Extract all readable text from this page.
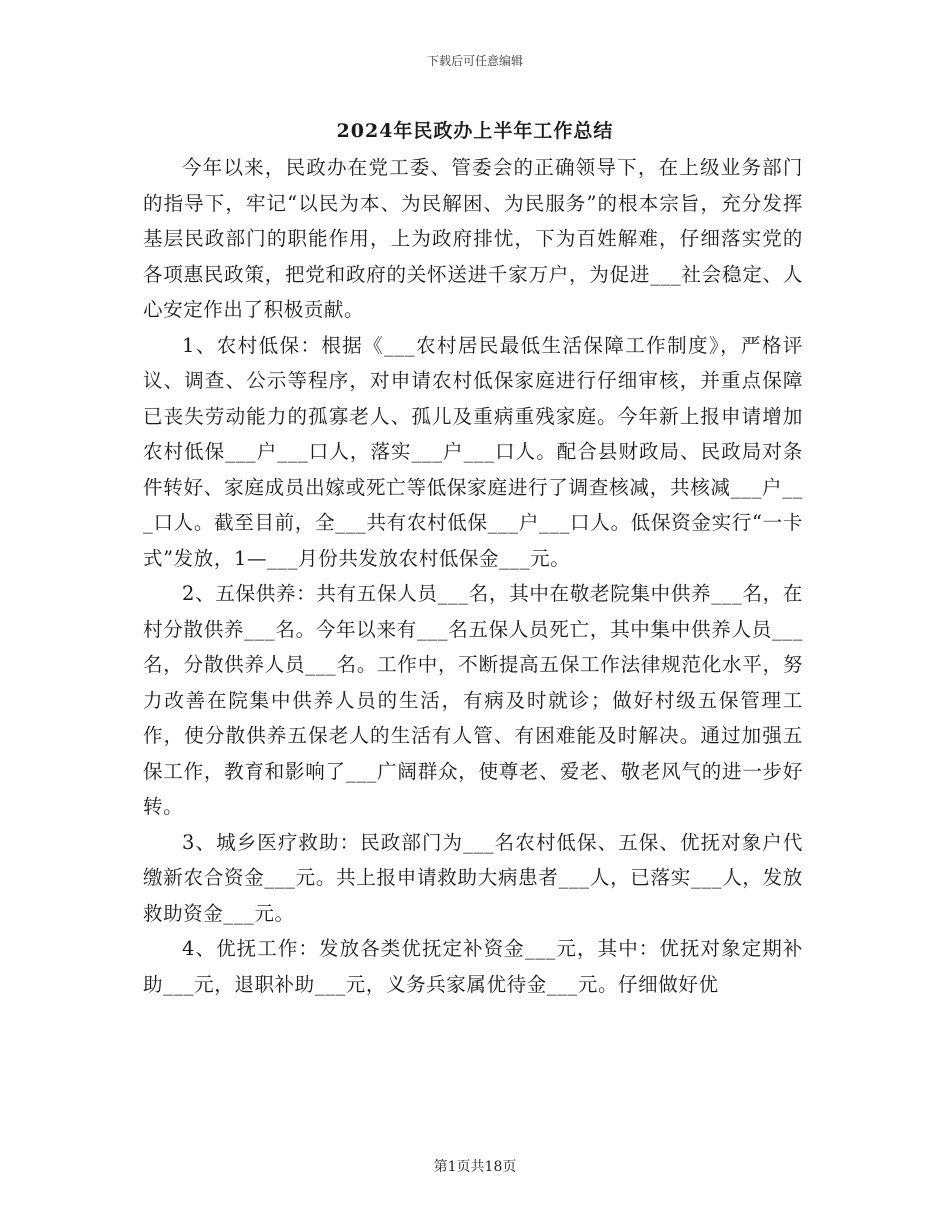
下载后可任意编辑
2024年民政办上半年工作总结

今年以来，民政办在党工委、管委会的正确领导下，在上级业务部门的指导下，牢记“以民为本、为民解困、为民服务”的根本宗旨，充分发挥基层民政部门的职能作用，上为政府排忧，下为百姓解难，仔细落实党的各项惠民政策，把党和政府的关怀送进千家万户，为促进___社会稳定、人心安定作出了积极贡献。

1、农村低保：根据《___农村居民最低生活保障工作制度》，严格评议、调查、公示等程序，对申请农村低保家庭进行仔细审核，并重点保障已丧失劳动能力的孤寡老人、孤儿及重病重残家庭。今年新上报申请增加农村低保___户___口人，落实___户___口人。配合县财政局、民政局对条件转好、家庭成员出嫁或死亡等低保家庭进行了调查核减，共核减___户___口人。截至目前，全___共有农村低保___户___口人。低保资金实行“一卡式”发放，1—___月份共发放农村低保金___元。

2、五保供养：共有五保人员___名，其中在敬老院集中供养___名，在村分散供养___名。今年以来有___名五保人员死亡，其中集中供养人员___名，分散供养人员___名。工作中，不断提高五保工作法律规范化水平，努力改善在院集中供养人员的生活，有病及时就诊；做好村级五保管理工作，使分散供养五保老人的生活有人管、有困难能及时解决。通过加强五保工作，教育和影响了___广阔群众，使尊老、爱老、敬老风气的进一步好转。

3、城乡医疗救助：民政部门为___名农村低保、五保、优抚对象户代缴新农合资金___元。共上报申请救助大病患者___人，已落实___人，发放救助资金___元。

4、优抚工作：发放各类优抚定补资金___元，其中：优抚对象定期补助___元，退职补助___元，义务兵家属优待金___元。仔细做好优

第1页共18页
